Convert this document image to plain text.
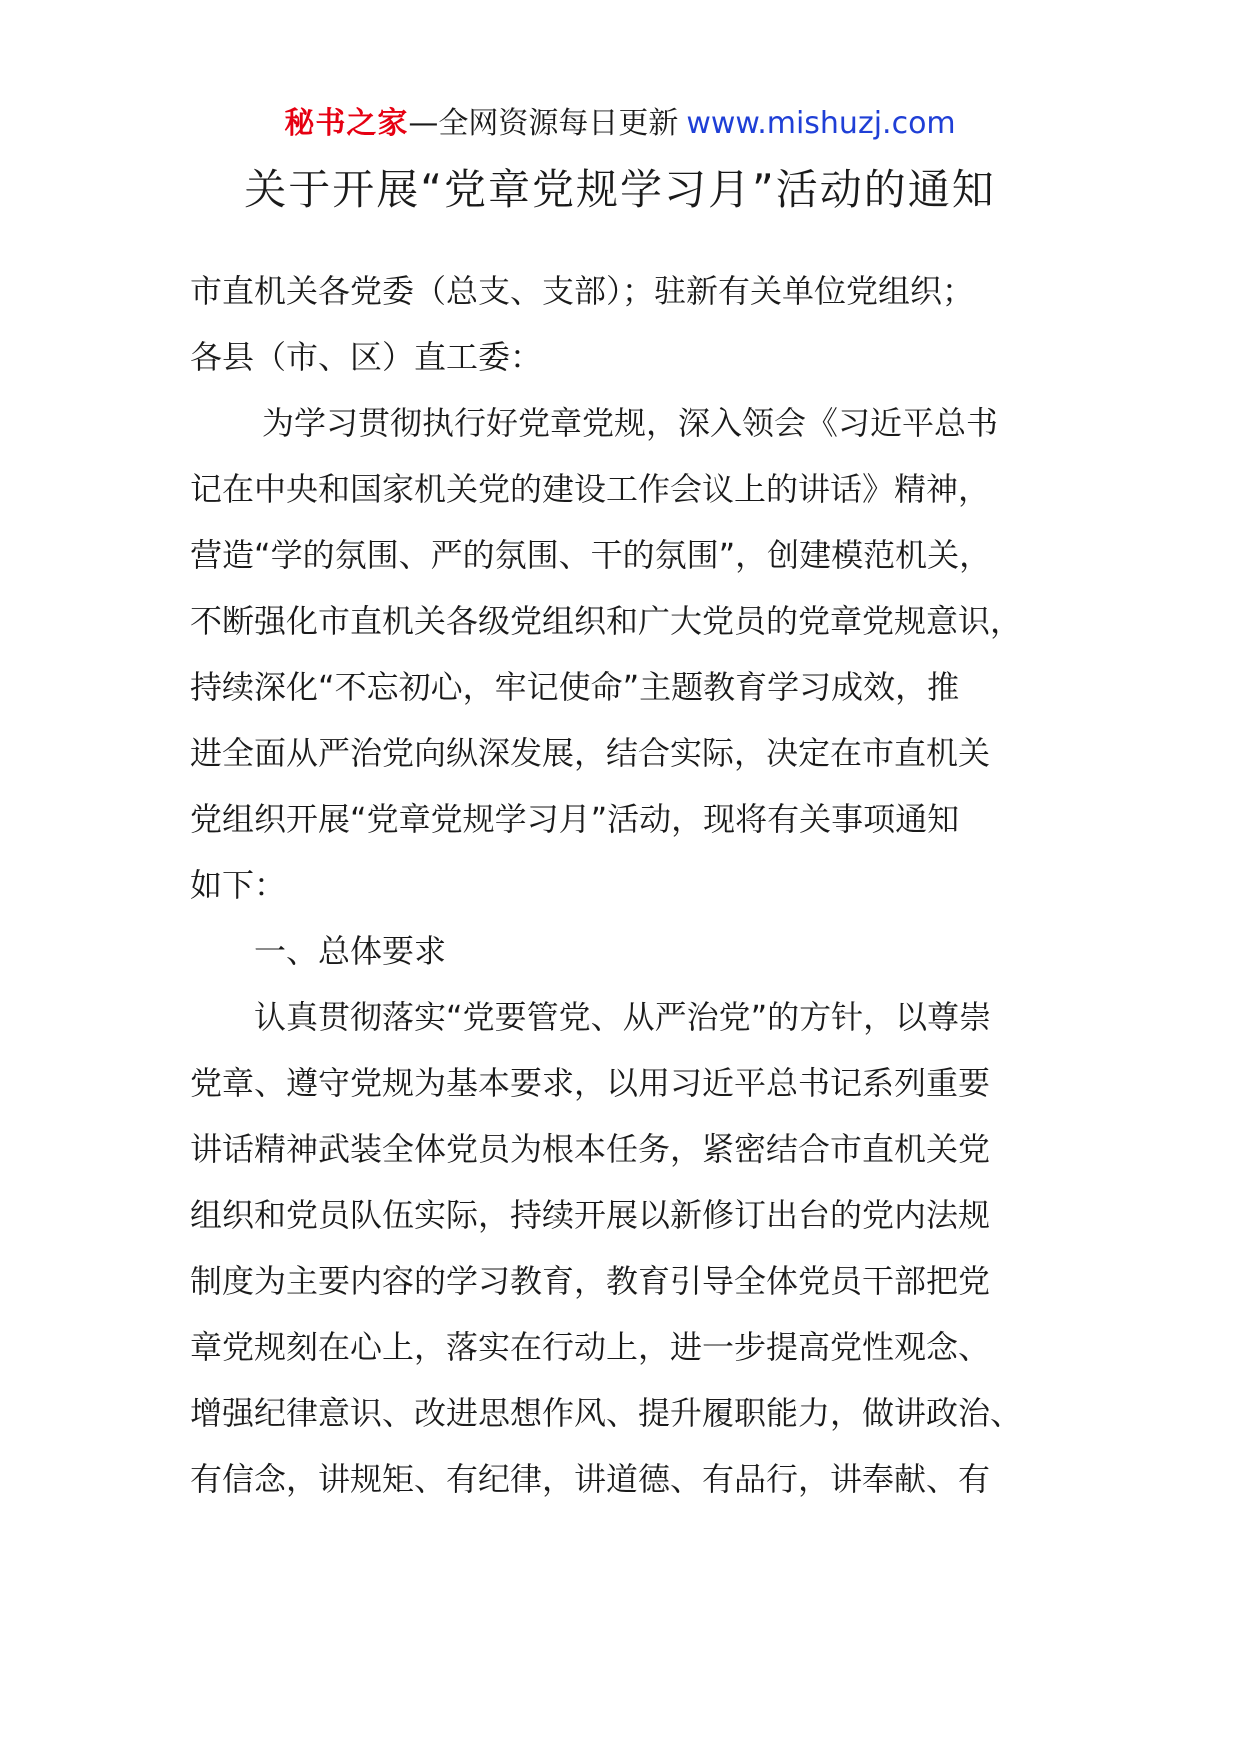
秘书之家—全网资源每日更新 www.mishuzj.com
关于开展“党章党规学习月”活动的通知
市直机关各党委（总支、支部）；驻新有关单位党组织；
各县（市、区）直工委：
为学习贯彻执行好党章党规，深入领会《习近平总书
记在中央和国家机关党的建设工作会议上的讲话》精神，
营造“学的氛围、严的氛围、干的氛围”，创建模范机关，
不断强化市直机关各级党组织和广大党员的党章党规意识，
持续深化“不忘初心，牢记使命”主题教育学习成效，推
进全面从严治党向纵深发展，结合实际，决定在市直机关
党组织开展“党章党规学习月”活动，现将有关事项通知
如下：
一、总体要求
认真贯彻落实“党要管党、从严治党”的方针，以尊崇
党章、遵守党规为基本要求，以用习近平总书记系列重要
讲话精神武装全体党员为根本任务，紧密结合市直机关党
组织和党员队伍实际，持续开展以新修订出台的党内法规
制度为主要内容的学习教育，教育引导全体党员干部把党
章党规刻在心上，落实在行动上，进一步提高党性观念、
增强纪律意识、改进思想作风、提升履职能力，做讲政治、
有信念，讲规矩、有纪律，讲道德、有品行，讲奉献、有
